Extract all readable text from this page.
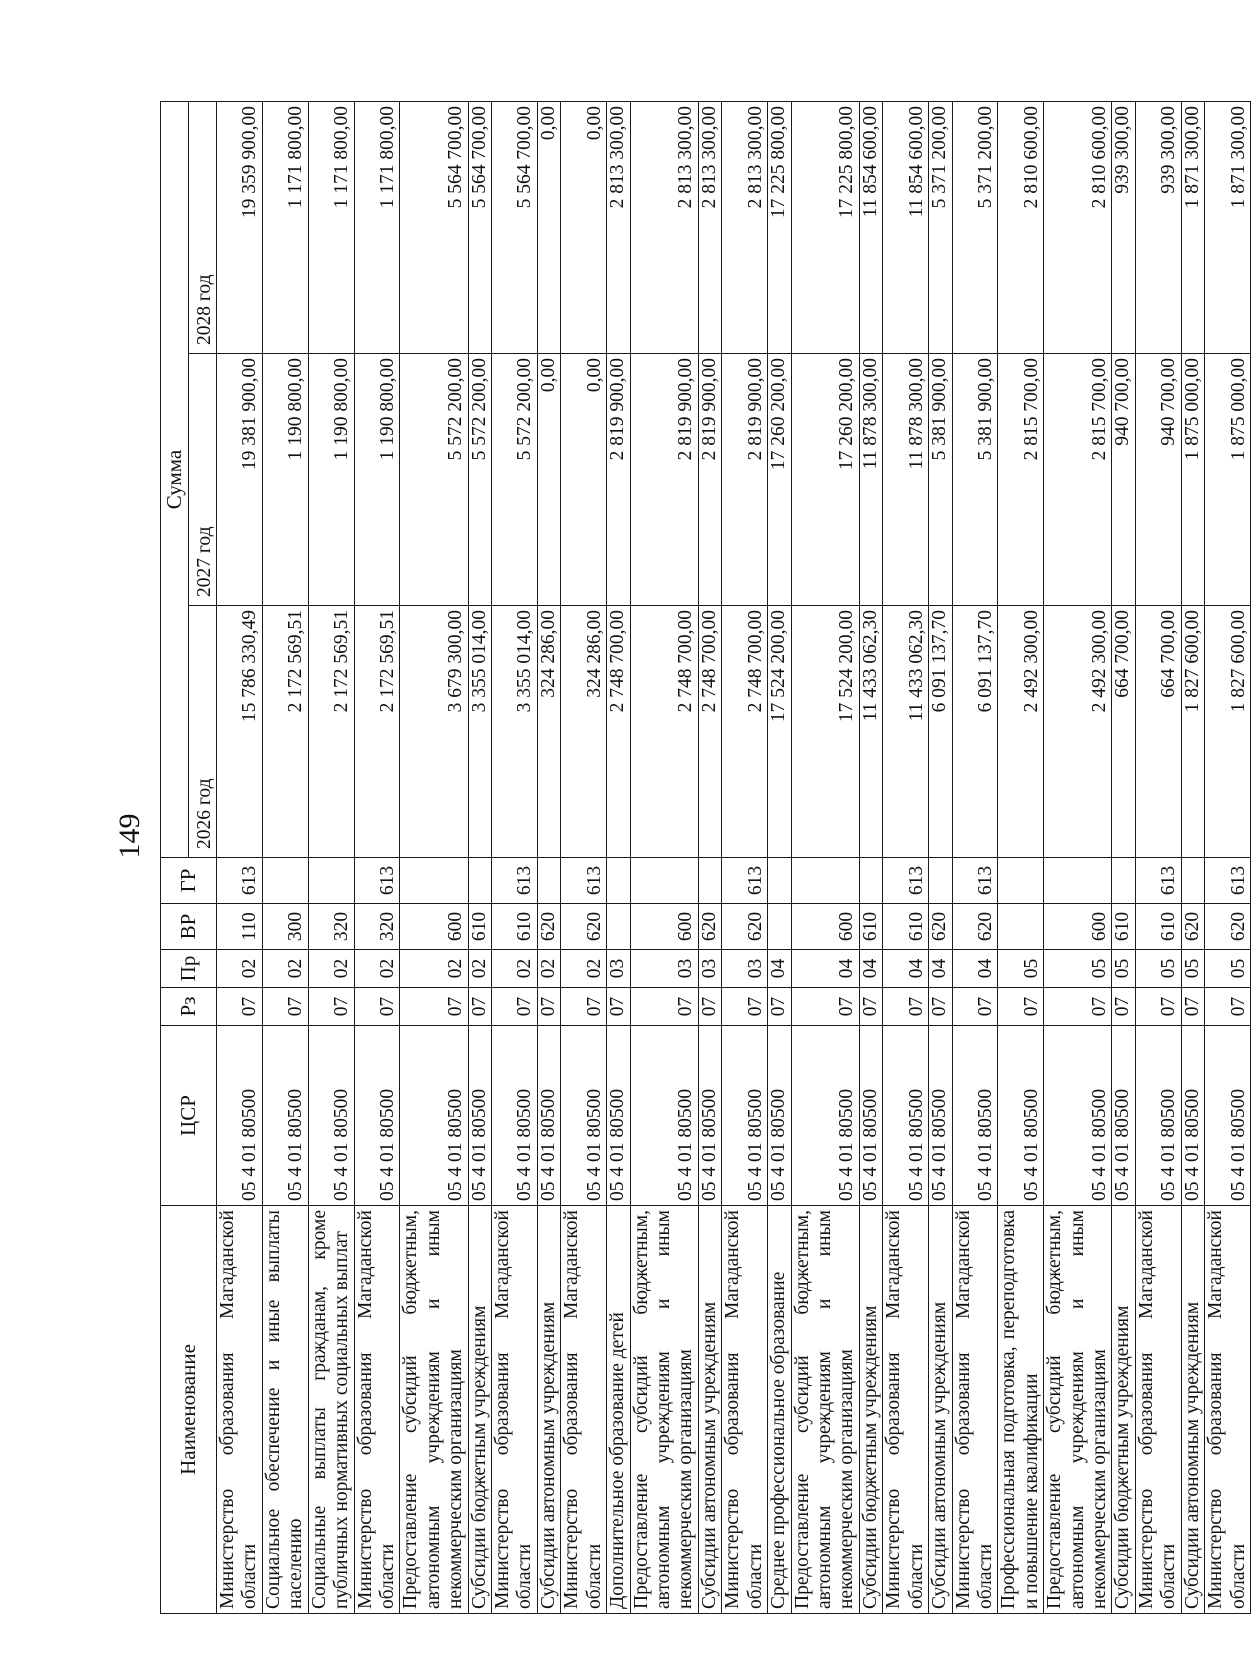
149
Наименование	ЦСР	Рз	Пр	ВР	ГР	Сумма		
						2026 год	2027 год	2028 год
Министерство образования Магаданской области	05 4 01 80500	07	02	110	613	15 786 330,49	19 381 900,00	19 359 900,00
Социальное обеспечение и иные выплаты населению	05 4 01 80500	07	02	300		2 172 569,51	1 190 800,00	1 171 800,00
Социальные выплаты гражданам, кроме публичных нормативных социальных выплат	05 4 01 80500	07	02	320		2 172 569,51	1 190 800,00	1 171 800,00
Министерство образования Магаданской области	05 4 01 80500	07	02	320	613	2 172 569,51	1 190 800,00	1 171 800,00
Предоставление субсидий бюджетным, автономным учреждениям и иным некоммерческим организациям	05 4 01 80500	07	02	600		3 679 300,00	5 572 200,00	5 564 700,00
Субсидии бюджетным учреждениям	05 4 01 80500	07	02	610		3 355 014,00	5 572 200,00	5 564 700,00
Министерство образования Магаданской области	05 4 01 80500	07	02	610	613	3 355 014,00	5 572 200,00	5 564 700,00
Субсидии автономным учреждениям	05 4 01 80500	07	02	620		324 286,00	0,00	0,00
Министерство образования Магаданской области	05 4 01 80500	07	02	620	613	324 286,00	0,00	0,00
Дополнительное образование детей	05 4 01 80500	07	03			2 748 700,00	2 819 900,00	2 813 300,00
Предоставление субсидий бюджетным, автономным учреждениям и иным некоммерческим организациям	05 4 01 80500	07	03	600		2 748 700,00	2 819 900,00	2 813 300,00
Субсидии автономным учреждениям	05 4 01 80500	07	03	620		2 748 700,00	2 819 900,00	2 813 300,00
Министерство образования Магаданской области	05 4 01 80500	07	03	620	613	2 748 700,00	2 819 900,00	2 813 300,00
Среднее профессиональное образование	05 4 01 80500	07	04			17 524 200,00	17 260 200,00	17 225 800,00
Предоставление субсидий бюджетным, автономным учреждениям и иным некоммерческим организациям	05 4 01 80500	07	04	600		17 524 200,00	17 260 200,00	17 225 800,00
Субсидии бюджетным учреждениям	05 4 01 80500	07	04	610		11 433 062,30	11 878 300,00	11 854 600,00
Министерство образования Магаданской области	05 4 01 80500	07	04	610	613	11 433 062,30	11 878 300,00	11 854 600,00
Субсидии автономным учреждениям	05 4 01 80500	07	04	620		6 091 137,70	5 381 900,00	5 371 200,00
Министерство образования Магаданской области	05 4 01 80500	07	04	620	613	6 091 137,70	5 381 900,00	5 371 200,00
Профессиональная подготовка, переподготовка и повышение квалификации	05 4 01 80500	07	05			2 492 300,00	2 815 700,00	2 810 600,00
Предоставление субсидий бюджетным, автономным учреждениям и иным некоммерческим организациям	05 4 01 80500	07	05	600		2 492 300,00	2 815 700,00	2 810 600,00
Субсидии бюджетным учреждениям	05 4 01 80500	07	05	610		664 700,00	940 700,00	939 300,00
Министерство образования Магаданской области	05 4 01 80500	07	05	610	613	664 700,00	940 700,00	939 300,00
Субсидии автономным учреждениям	05 4 01 80500	07	05	620		1 827 600,00	1 875 000,00	1 871 300,00
Министерство образования Магаданской области	05 4 01 80500	07	05	620	613	1 827 600,00	1 875 000,00	1 871 300,00
